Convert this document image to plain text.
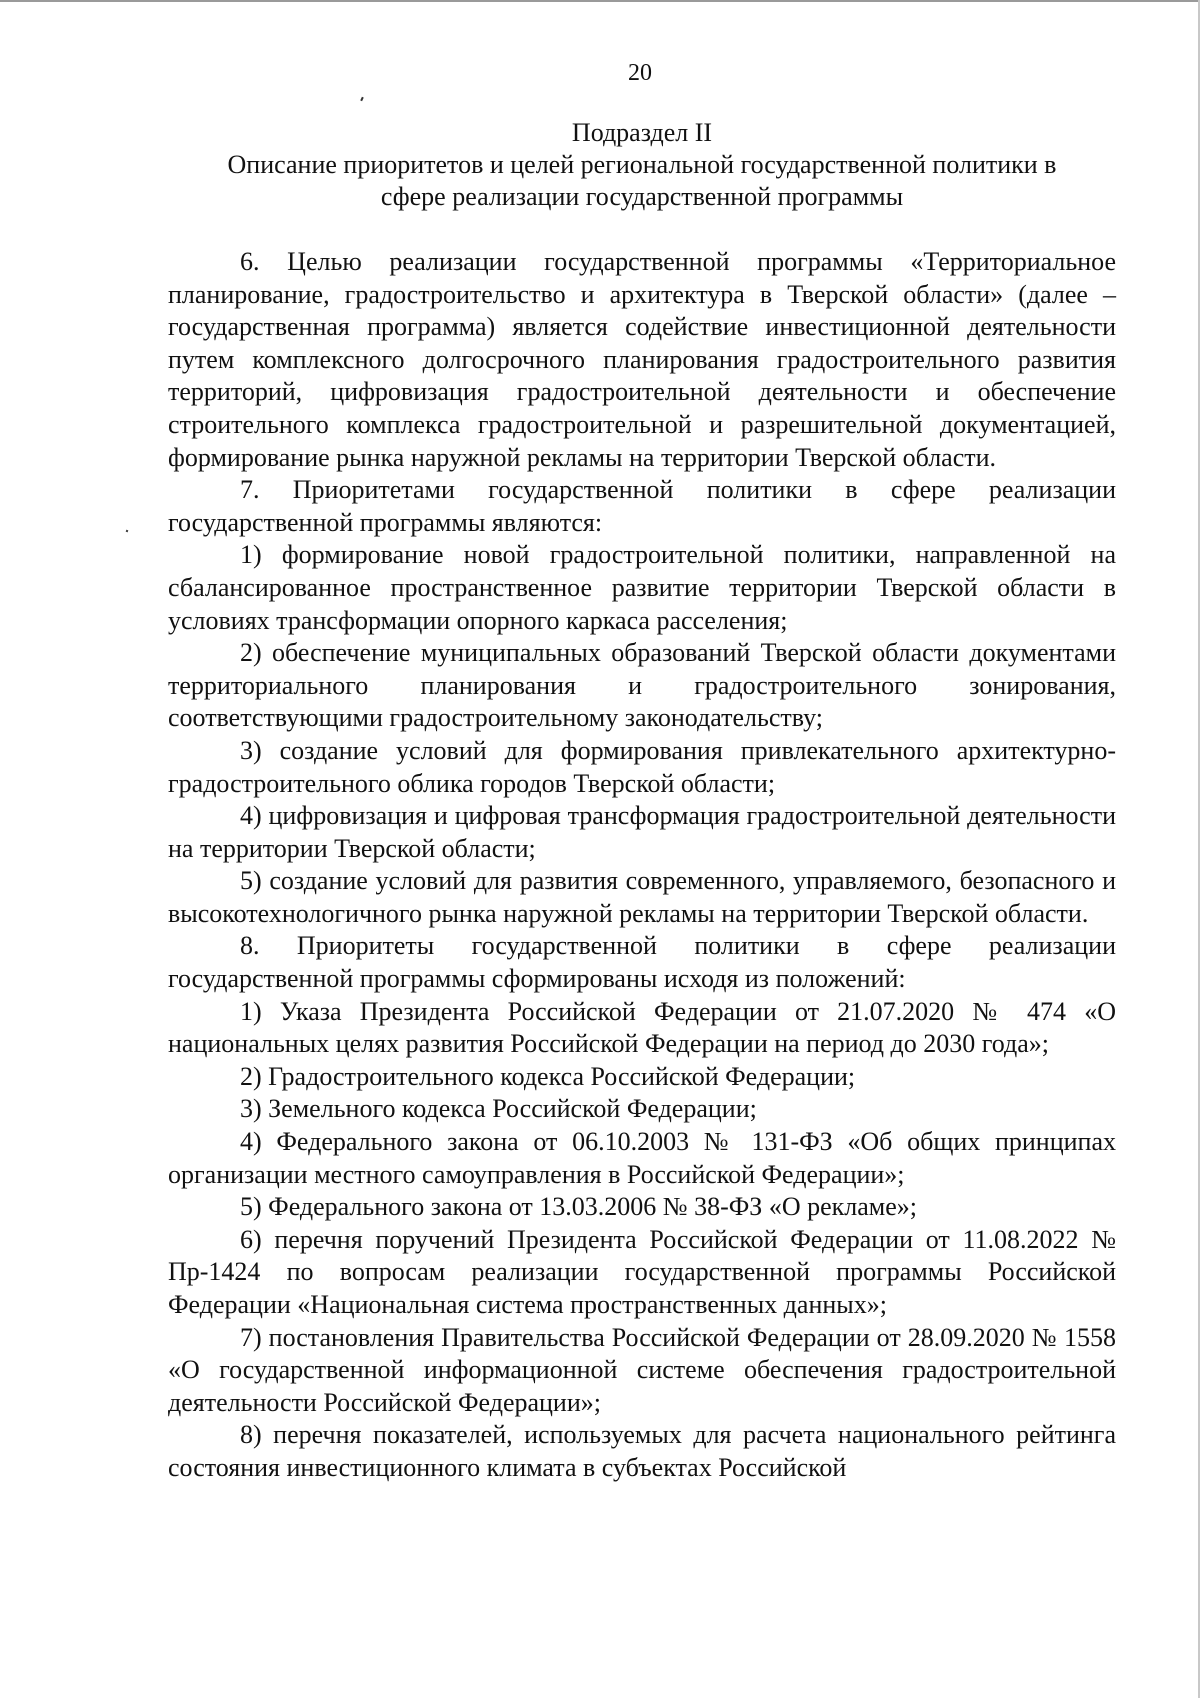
20
Подраздел II
Описание приоритетов и целей региональной государственной политики в
сфере реализации государственной программы

6. Целью реализации государственной программы «Территориальное планирование, градостроительство и архитектура в Тверской области» (далее – государственная программа) является содействие инвестиционной деятельности путем комплексного долгосрочного планирования градостроительного развития территорий, цифровизация градостроительной деятельности и обеспечение строительного комплекса градостроительной и разрешительной документацией, формирование рынка наружной рекламы на территории Тверской области.

7. Приоритетами государственной политики в сфере реализации государственной программы являются:

1) формирование новой градостроительной политики, направленной на сбалансированное пространственное развитие территории Тверской области в условиях трансформации опорного каркаса расселения;

2) обеспечение муниципальных образований Тверской области документами территориального планирования и градостроительного зонирования, соответствующими градостроительному законодательству;

3) создание условий для формирования привлекательного архитектурно-градостроительного облика городов Тверской области;

4) цифровизация и цифровая трансформация градостроительной деятельности на территории Тверской области;

5) создание условий для развития современного, управляемого, безопасного и высокотехнологичного рынка наружной рекламы на территории Тверской области.

8. Приоритеты государственной политики в сфере реализации государственной программы сформированы исходя из положений:

1) Указа Президента Российской Федерации от 21.07.2020 № 474 «О национальных целях развития Российской Федерации на период до 2030 года»;

2) Градостроительного кодекса Российской Федерации;

3) Земельного кодекса Российской Федерации;

4) Федерального закона от 06.10.2003 № 131-ФЗ «Об общих принципах организации местного самоуправления в Российской Федерации»;

5) Федерального закона от 13.03.2006 № 38-ФЗ «О рекламе»;

6) перечня поручений Президента Российской Федерации от 11.08.2022 № Пр-1424 по вопросам реализации государственной программы Российской Федерации «Национальная система пространственных данных»;

7) постановления Правительства Российской Федерации от 28.09.2020 № 1558 «О государственной информационной системе обеспечения градостроительной деятельности Российской Федерации»;

8) перечня показателей, используемых для расчета национального рейтинга состояния инвестиционного климата в субъектах Российской
